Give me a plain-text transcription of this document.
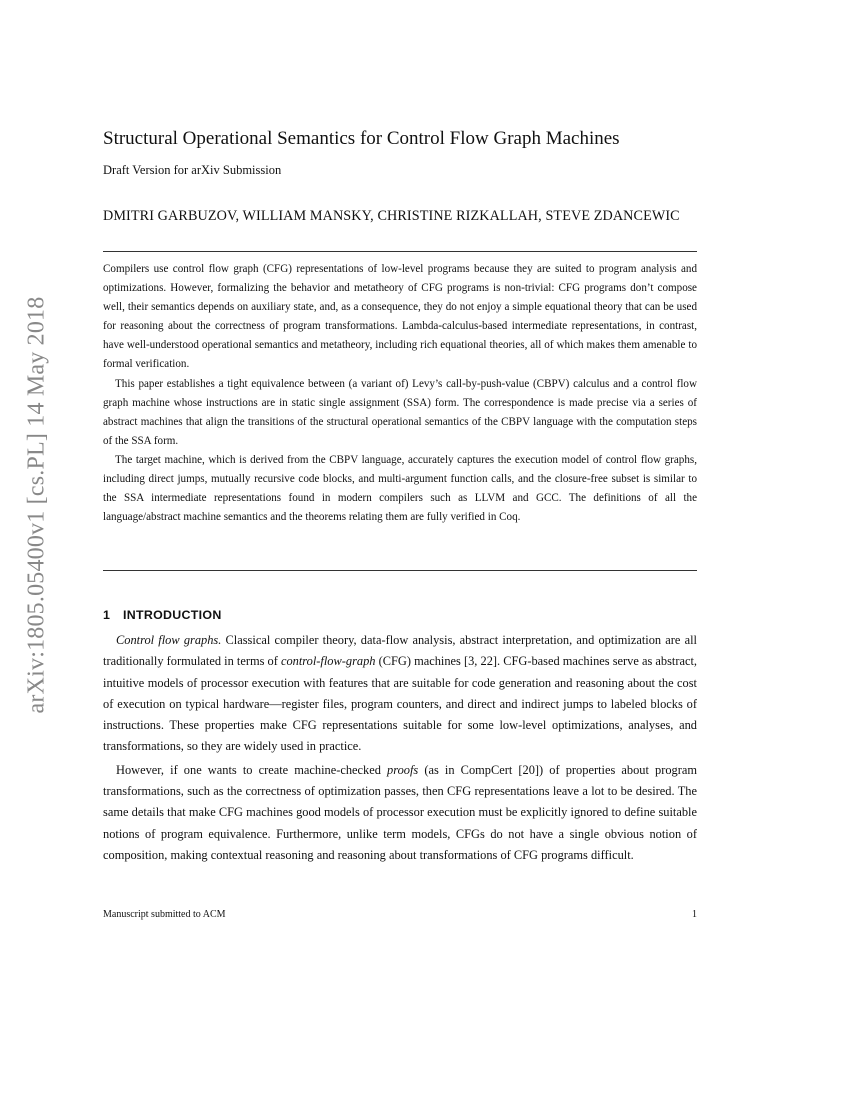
arXiv:1805.05400v1 [cs.PL] 14 May 2018
Structural Operational Semantics for Control Flow Graph Machines
Draft Version for arXiv Submission
DMITRI GARBUZOV, WILLIAM MANSKY, CHRISTINE RIZKALLAH, STEVE ZDANCEWIC

Compilers use control flow graph (CFG) representations of low-level programs because they are suited to program analysis and optimizations. However, formalizing the behavior and metatheory of CFG programs is non-trivial: CFG programs don’t compose well, their semantics depends on auxiliary state, and, as a consequence, they do not enjoy a simple equational theory that can be used for reasoning about the correctness of program transformations. Lambda-calculus-based intermediate representations, in contrast, have well-understood operational semantics and metatheory, including rich equational theories, all of which makes them amenable to formal verification.

This paper establishes a tight equivalence between (a variant of) Levy’s call-by-push-value (CBPV) calculus and a control flow graph machine whose instructions are in static single assignment (SSA) form. The correspondence is made precise via a series of abstract machines that align the transitions of the structural operational semantics of the CBPV language with the computation steps of the SSA form.

The target machine, which is derived from the CBPV language, accurately captures the execution model of control flow graphs, including direct jumps, mutually recursive code blocks, and multi-argument function calls, and the closure-free subset is similar to the SSA intermediate representations found in modern compilers such as LLVM and GCC. The definitions of all the language/abstract machine semantics and the theorems relating them are fully verified in Coq.

1 INTRODUCTION

Control flow graphs. Classical compiler theory, data-flow analysis, abstract interpretation, and optimization are all traditionally formulated in terms of control-flow-graph (CFG) machines [3, 22]. CFG-based machines serve as abstract, intuitive models of processor execution with features that are suitable for code generation and reasoning about the cost of execution on typical hardware—register files, program counters, and direct and indirect jumps to labeled blocks of instructions. These properties make CFG representations suitable for some low-level optimizations, analyses, and transformations, so they are widely used in practice.

However, if one wants to create machine-checked proofs (as in CompCert [20]) of properties about program transformations, such as the correctness of optimization passes, then CFG representations leave a lot to be desired. The same details that make CFG machines good models of processor execution must be explicitly ignored to define suitable notions of program equivalence. Furthermore, unlike term models, CFGs do not have a single obvious notion of composition, making contextual reasoning and reasoning about transformations of CFG programs difficult.

Manuscript submitted to ACM	1
